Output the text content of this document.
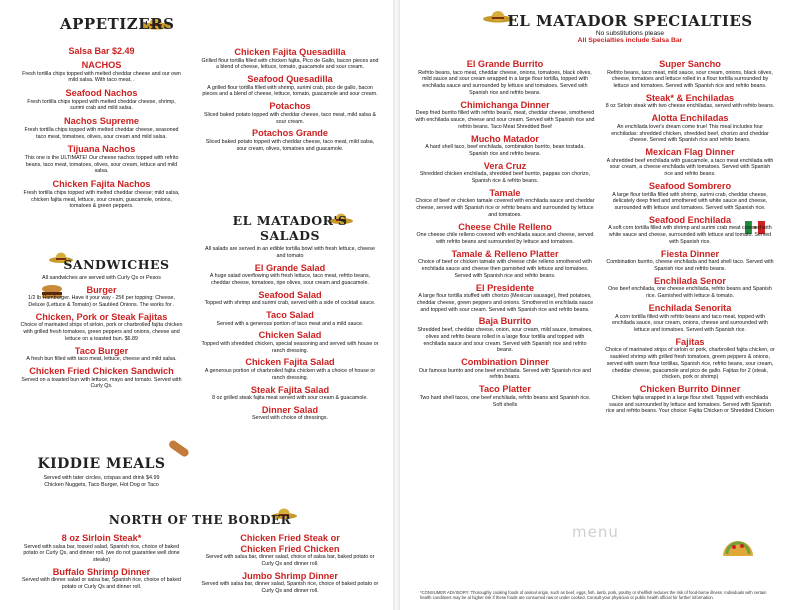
APPETIZERS
Salsa Bar $2.49
NACHOS
Fresh tortilla chips topped with melted cheddar cheese and our own mild salsa. With taco meat, .
Seafood Nachos
Fresh tortilla chips topped with melted cheddar cheese, shrimp, surimi crab and mild salsa.
Nachos Supreme
Fresh tortilla chips topped with melted cheddar cheese, seasoned taco meat, tomatoes, olives, sour cream and mild salsa.
Tijuana Nachos
This one is the ULTIMATE! Our cheese nachos topped with refrito beans, taco meat, tomatoes, olives, sour cream, lettuce and mild salsa.
Chicken Fajita Nachos
Fresh tortilla chips topped with melted cheddar cheese; mild salsa, chicken fajita meat, lettuce, sour cream, guacamole, onions, tomatoes & green peppers.
Chicken Fajita Quesadilla
Grilled flour tortilla filled with chicken fajita, Pico de Gallo, bacon pieces and a blend of cheese, lettuce, tomato, guacamole and sour cream.
Seafood Quesadilla
A grilled flour tortilla filled with shrimp, surimi crab, pico de gallo, bacon pieces and a blend of cheese, lettuce, tomato, guacamole and sour cream.
Potachos
Sliced baked potato topped with cheddar cheese, taco meat, mild salsa & sour cream.
Potachos Grande
Sliced baked potato topped with cheddar cheese, taco meat, mild salsa, sour cream, olives, tomatoes and guacamole.
EL MATADOR'S
SALADS
All salads are served in an edible tortilla bowl with fresh lettuce, cheese and tomato
El Grande Salad
A huge salad overflowing with fresh lettuce, taco meat, refrito beans, cheddar cheese, tomatoes, ripe olives, sour cream and guacamole.
Seafood Salad
Topped with shrimp and surimi crab, served with a side of cocktail sauce.
Taco Salad
Served with a generous portion of taco meat and a mild sauce.
Chicken Salad
Topped with shredded chicken, special seasoning and served with house or ranch dressing.
Chicken Fajita Salad
A generous portion of charbroiled fajita chicken with a choice of house or ranch dressing.
Steak Fajita Salad
8 oz grilled steak fajita meat served with sour cream & guacamole.
Dinner Salad
Served with choice of dressings.
SANDWICHES
All sandwiches are served with Curly Qs or Pesos
Burger
1/2 lb Hamburger. Have it your way - 25¢ per topping: Cheese, Deluxe (Lettuce & Tomato) or Sautéed Onions. The works for .
Chicken, Pork or Steak Fajitas
Choice of marinated strips of sirloin, pork or charbroiled fajita chicken with grilled fresh tomatoes, green peppers and onions, cheese and lettuce on a toasted bun. $6.89
Taco Burger
A fresh bun filled with taco meat, lettuce, cheese and mild salsa.
Chicken Fried Chicken Sandwich
Served on a toasted bun with lettuce, mayo and tomato. Served with Curly Qs.
KIDDIE MEALS
Served with tater circles, crispas and drink $4.99
Chicken Nuggets, Taco Burger, Hot Dog or Taco
NORTH OF THE BORDER
8 oz Sirloin Steak*
Served with salsa bar, tossed salad, Spanish rice, choice of baked potato or Curly Qs, and dinner roll. (we do not guarantee well done steaks)
Buffalo Shrimp Dinner
Served with dinner salad or salsa bar, Spanish rice, choice of baked potato or Curly Qs and dinner roll.
Chicken Fried Steak or
Chicken Fried Chicken
Served with salsa bar, dinner salad, choice of salsa bar, baked potato or Curly Qs and dinner roll.
Jumbo Shrimp Dinner
Served with salsa bar, dinner salad, Spanish rice, choice of baked potato or Curly Qs and dinner roll.
EL MATADOR SPECIALTIES
No substitutions please
All Specialties include Salsa Bar
El Grande Burrito
Refrito beans, taco meat, cheddar cheese, onions, tomatoes, black olives, mild sauce and sour cream wrapped in a large flour tortilla, topped with enchilada sauce and surrounded by lettuce and tomatoes. Served with Spanish rice and refrito beans.
Chimichanga Dinner
Deep fried burrito filled with refrito beans, meat, cheddar cheese, smothered with enchilada sauce, cheese and sour cream. Served with Spanish rice and refrito beans. Taco Meat Shredded Beef
Mucho Matador
A hard shell taco, beef enchilada, combination burrito, bean tostada. Spanish rice and refrito beans.
Vera Cruz
Shredded chicken enchilada, shredded beef burrito, pappas con chorizo, Spanish rice & refrito beans.
Tamale
Choice of beef or chicken tamale covered with enchilada sauce and cheddar cheese, served with Spanish rice or refrito beans and surrounded by lettuce and tomatoes.
Cheese Chile Relleno
One cheese chile relleno covered with enchilada sauce and cheese, served with refrito beans and surrounded by lettuce and tomatoes.
Tamale & Relleno Platter
Choice of beef or chicken tamale with cheese chile relleno smothered with enchilada sauce and cheese then garnished with lettuce and tomatoes. Served with Spanish rice and refrito beans.
El Presidente
A large flour tortilla stuffed with chorizo (Mexican sausage), fried potatoes, cheddar cheese, green peppers and onions. Smothered in enchilada sauce and topped with sour cream. Served with Spanish rice and refrito beans.
Baja Burrito
Shredded beef, cheddar cheese, onion, sour cream, mild sauce, tomatoes, olives and refrito beans rolled in a large flour tortilla and topped with enchilada sauce and sour cream. Served with Spanish rice and refrito beans.
Combination Dinner
Our famous burrito and one beef enchilada. Served with Spanish rice and refrito beans.
Taco Platter
Two hard shell tacos, one beef enchilada, refrito beans and Spanish rice. Soft shells
Super Sancho
Refrito beans, taco meat, mild sauce, sour cream, onions, black olives, cheese, tomatoes and lettuce rolled in a flour tortilla surrounded by lettuce and tomatoes. Served with Spanish rice and refrito beans.
Steak* & Enchiladas
8 oz Sirloin steak with two cheese enchiladas, served with refrito beans.
Alotta Enchiladas
An enchilada lover's dream come true! This meal includes four enchiladas: shredded chicken, shredded beef, chorizo and cheddar cheese. Served with Spanish rice and refrito beans.
Mexican Flag Dinner
A shredded beef enchilada with guacamole, a taco meat enchilada with sour cream, a cheese enchilada with tomatoes. Served with Spanish rice and refrito beans.
Seafood Sombrero
A large flour tortilla filled with shrimp, surimi crab, cheddar cheese, delicately deep fried and smothered with white sauce and cheese, surrounded with lettuce and tomatoes. Served with Spanish rice.
Seafood Enchilada
A soft corn tortilla filled with shrimp and surimi crab meat covered with white sauce and cheese, surrounded with lettuce and tomato. Served with Spanish rice.
Fiesta Dinner
Combination burrito, cheese enchilada and hard shell taco. Served with Spanish rice and refrito beans.
Enchilada Senor
One beef enchilada, one cheese enchilada, refrito beans and Spanish rice. Garnished with lettuce & tomato.
Enchilada Senorita
A corn tortilla filled with refrito beans and taco meat, topped with enchilada sauce, sour cream, onions, cheese and surrounded with lettuce and tomatoes. Served with Spanish rice.
Fajitas
Choice of marinated strips of sirloin or pork, charbroiled fajita chicken, or sautéed shrimp with grilled fresh tomatoes, green peppers & onions, served with warm flour tortillas, Spanish rice, refrito beans, sour cream, cheddar cheese, guacamole and pico de gallo. Fajitas for 2 (steak, chicken, pork or shrimp)
Chicken Burrito Dinner
Chicken fajita wrapped in a large flour shell. Topped with enchilada sauce and surrounded by lettuce and tomatoes. Served with Spanish rice and refrito beans. Your choice: Fajita Chicken or Shredded Chicken
*CONSUMER ADVISORY: Thoroughly cooking foods of animal origin, such as beef, eggs, fish, lamb, pork, poultry or shellfish reduces the risk of food-borne illness. Individuals with certain health conditions may be at higher risk if these foods are consumed raw or under cooked. Consult your physician or public health official for further information.
menu
